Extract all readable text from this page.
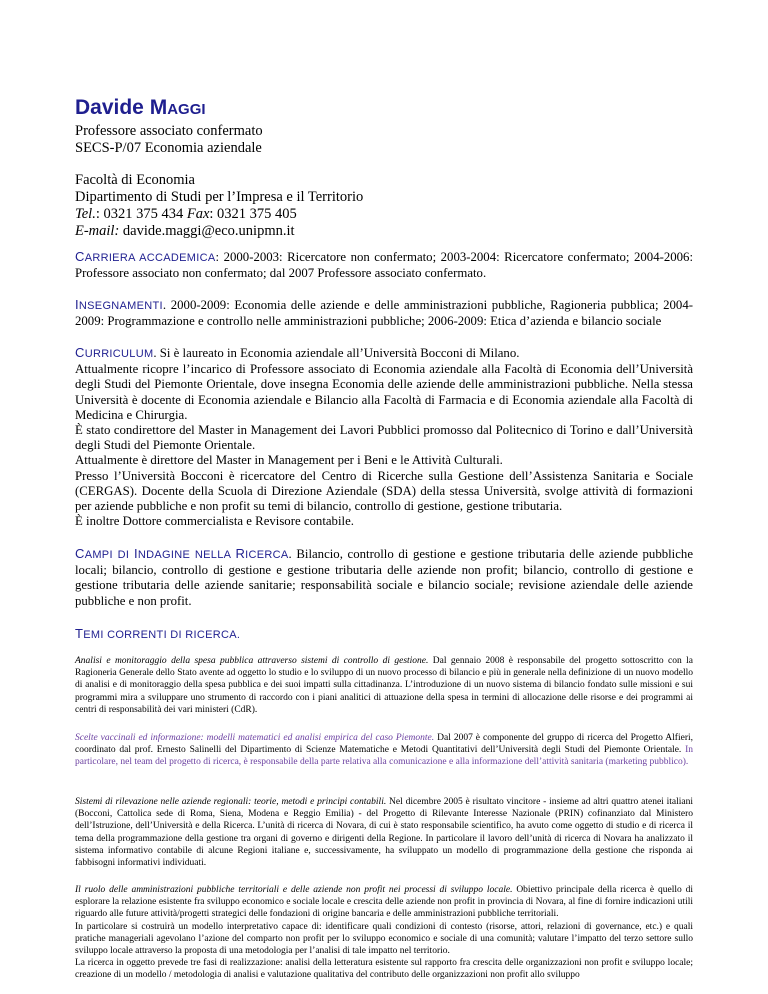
Davide MAGGI
Professore associato confermato
SECS-P/07 Economia aziendale
Facoltà di Economia
Dipartimento di Studi per l’Impresa e il Territorio
Tel.: 0321 375 434 Fax: 0321 375 405
E-mail: davide.maggi@eco.unipmn.it

CARRIERA ACCADEMICA: 2000-2003: Ricercatore non confermato; 2003-2004: Ricercatore confermato; 2004-2006: Professore associato non confermato; dal 2007 Professore associato confermato.

INSEGNAMENTI. 2000-2009: Economia delle aziende e delle amministrazioni pubbliche, Ragioneria pubblica; 2004-2009: Programmazione e controllo nelle amministrazioni pubbliche; 2006-2009: Etica d’azienda e bilancio sociale

CURRICULUM. Si è laureato in Economia aziendale all’Università Bocconi di Milano.

Attualmente ricopre l’incarico di Professore associato di Economia aziendale alla Facoltà di Economia dell’Università degli Studi del Piemonte Orientale, dove insegna Economia delle aziende delle amministrazioni pubbliche. Nella stessa Università è docente di Economia aziendale e Bilancio alla Facoltà di Farmacia e di Economia aziendale alla Facoltà di Medicina e Chirurgia.

È stato condirettore del Master in Management dei Lavori Pubblici promosso dal Politecnico di Torino e dall’Università degli Studi del Piemonte Orientale.

Attualmente è direttore del Master in Management per i Beni e le Attività Culturali.

Presso l’Università Bocconi è ricercatore del Centro di Ricerche sulla Gestione dell’Assistenza Sanitaria e Sociale (CERGAS). Docente della Scuola di Direzione Aziendale (SDA) della stessa Università, svolge attività di formazioni per aziende pubbliche e non profit su temi di bilancio, controllo di gestione, gestione tributaria.

È inoltre Dottore commercialista e Revisore contabile.

CAMPI DI INDAGINE NELLA RICERCA. Bilancio, controllo di gestione e gestione tributaria delle aziende pubbliche locali; bilancio, controllo di gestione e gestione tributaria delle aziende non profit; bilancio, controllo di gestione e gestione tributaria delle aziende sanitarie; responsabilità sociale e bilancio sociale; revisione aziendale delle aziende pubbliche e non profit.

TEMI CORRENTI DI RICERCA.

Analisi e monitoraggio della spesa pubblica attraverso sistemi di controllo di gestione. Dal gennaio 2008 è responsabile del progetto sottoscritto con la Ragioneria Generale dello Stato avente ad oggetto lo studio e lo sviluppo di un nuovo processo di bilancio e più in generale nella definizione di un nuovo modello di analisi e di monitoraggio della spesa pubblica e dei suoi impatti sulla cittadinanza. L’introduzione di un nuovo sistema di bilancio fondato sulle missioni e sui programmi mira a sviluppare uno strumento di raccordo con i piani analitici di attuazione della spesa in termini di allocazione delle risorse e dei programmi ai centri di responsabilità dei vari ministeri (CdR).

Scelte vaccinali ed informazione: modelli matematici ed analisi empirica del caso Piemonte. Dal 2007 è componente del gruppo di ricerca del Progetto Alfieri, coordinato dal prof. Ernesto Salinelli del Dipartimento di Scienze Matematiche e Metodi Quantitativi dell’Università degli Studi del Piemonte Orientale. In particolare, nel team del progetto di ricerca, è responsabile della parte relativa alla comunicazione e alla informazione dell’attività sanitaria (marketing pubblico).

Sistemi di rilevazione nelle aziende regionali: teorie, metodi e principi contabili. Nel dicembre 2005 è risultato vincitore - insieme ad altri quattro atenei italiani (Bocconi, Cattolica sede di Roma, Siena, Modena e Reggio Emilia) - del Progetto di Rilevante Interesse Nazionale (PRIN) cofinanziato dal Ministero dell’Istruzione, dell’Università e della Ricerca. L’unità di ricerca di Novara, di cui è stato responsabile scientifico, ha avuto come oggetto di studio e di ricerca il tema della programmazione della gestione tra organi di governo e dirigenti della Regione. In particolare il lavoro dell’unità di ricerca di Novara ha analizzato il sistema informativo contabile di alcune Regioni italiane e, successivamente, ha sviluppato un modello di programmazione della gestione che risponda ai fabbisogni informativi individuati.

Il ruolo delle amministrazioni pubbliche territoriali e delle aziende non profit nei processi di sviluppo locale. Obiettivo principale della ricerca è quello di esplorare la relazione esistente fra sviluppo economico e sociale locale e crescita delle aziende non profit in provincia di Novara, al fine di fornire indicazioni utili riguardo alle future attività/progetti strategici delle fondazioni di origine bancaria e delle amministrazioni pubbliche territoriali.

In particolare si costruirà un modello interpretativo capace di: identificare quali condizioni di contesto (risorse, attori, relazioni di governance, etc.) e quali pratiche manageriali agevolano l’azione del comparto non profit per lo sviluppo economico e sociale di una comunità; valutare l’impatto del terzo settore sullo sviluppo locale attraverso la proposta di una metodologia per l’analisi di tale impatto nel territorio.

La ricerca in oggetto prevede tre fasi di realizzazione: analisi della letteratura esistente sul rapporto fra crescita delle organizzazioni non profit e sviluppo locale; creazione di un modello / metodologia di analisi e valutazione qualitativa del contributo delle organizzazioni non profit allo sviluppo
